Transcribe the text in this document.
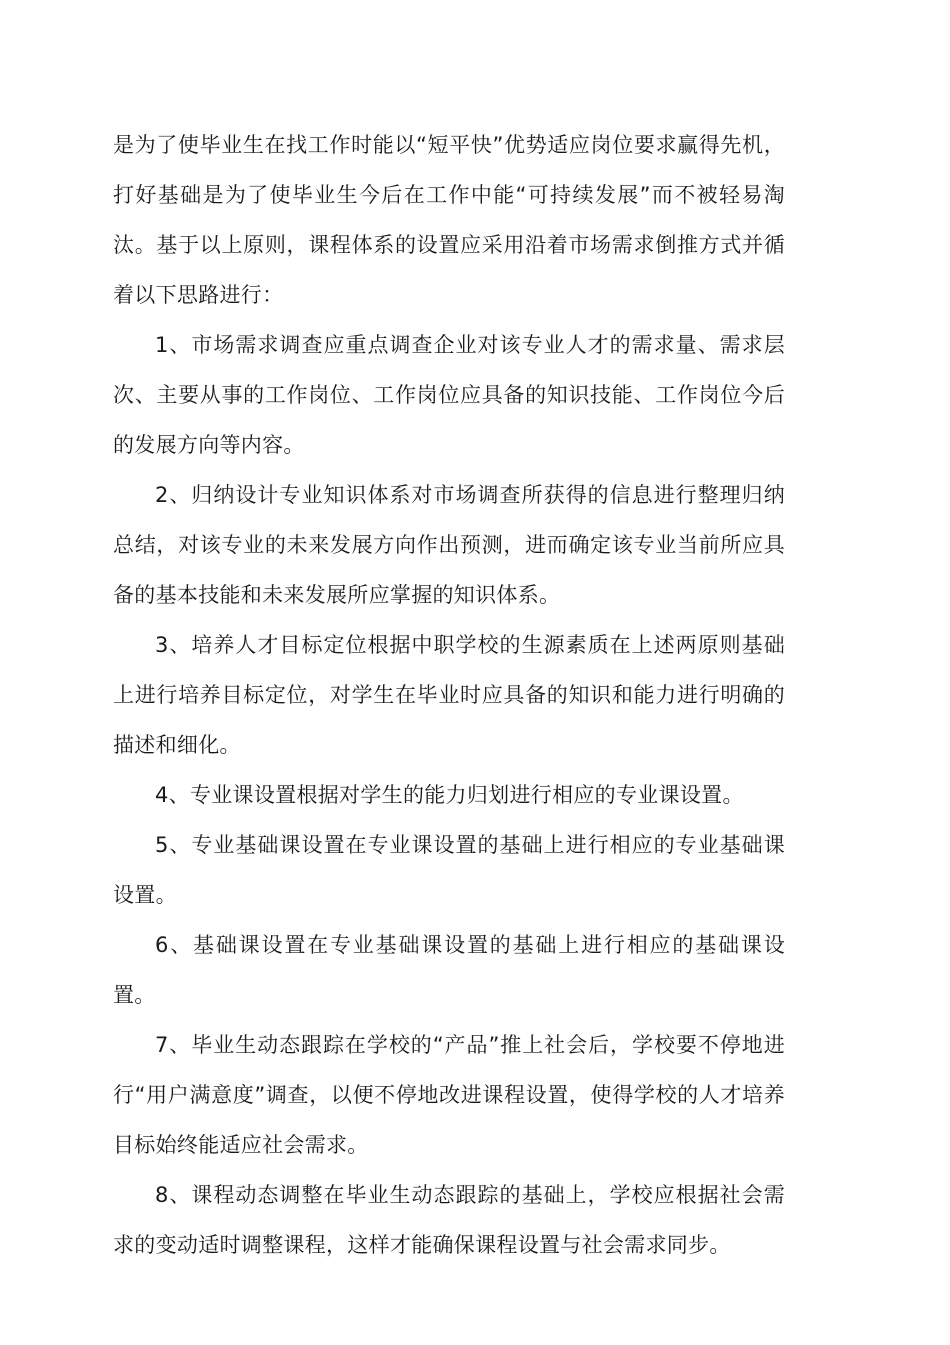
是为了使毕业生在找工作时能以“短平快”优势适应岗位要求赢得先机，打好基础是为了使毕业生今后在工作中能“可持续发展”而不被轻易淘汰。基于以上原则，课程体系的设置应采用沿着市场需求倒推方式并循着以下思路进行：

1、市场需求调查应重点调查企业对该专业人才的需求量、需求层次、主要从事的工作岗位、工作岗位应具备的知识技能、工作岗位今后的发展方向等内容。

2、归纳设计专业知识体系对市场调查所获得的信息进行整理归纳总结，对该专业的未来发展方向作出预测，进而确定该专业当前所应具备的基本技能和未来发展所应掌握的知识体系。

3、培养人才目标定位根据中职学校的生源素质在上述两原则基础上进行培养目标定位，对学生在毕业时应具备的知识和能力进行明确的描述和细化。

4、专业课设置根据对学生的能力归划进行相应的专业课设置。

5、专业基础课设置在专业课设置的基础上进行相应的专业基础课设置。

6、基础课设置在专业基础课设置的基础上进行相应的基础课设置。

7、毕业生动态跟踪在学校的“产品”推上社会后，学校要不停地进行“用户满意度”调查，以便不停地改进课程设置，使得学校的人才培养目标始终能适应社会需求。

8、课程动态调整在毕业生动态跟踪的基础上，学校应根据社会需求的变动适时调整课程，这样才能确保课程设置与社会需求同步。
